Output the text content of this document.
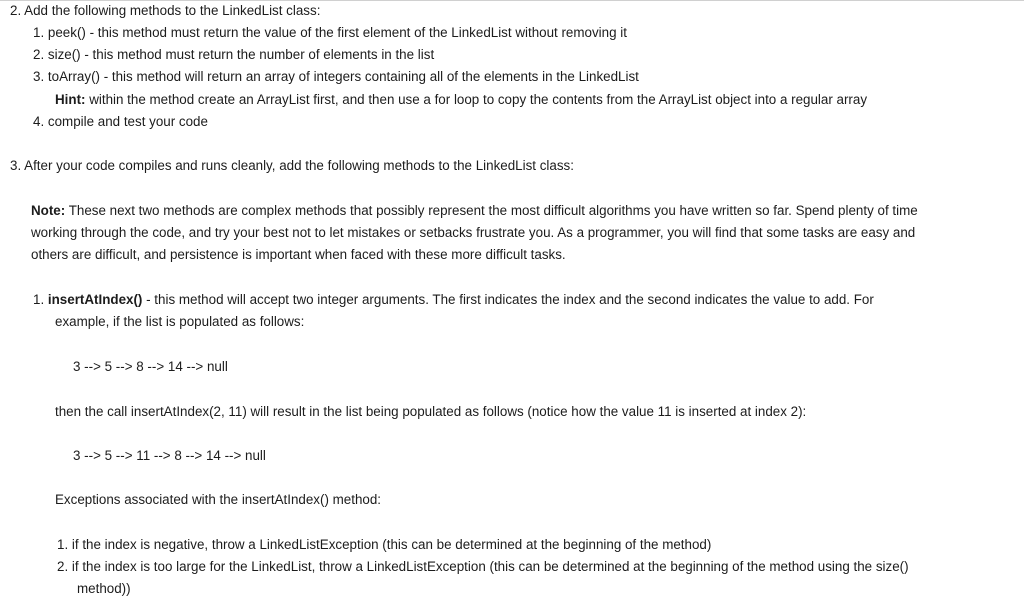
2. Add the following methods to the LinkedList class:
1. peek() - this method must return the value of the first element of the LinkedList without removing it
2. size() - this method must return the number of elements in the list
3. toArray() - this method will return an array of integers containing all of the elements in the LinkedList
Hint: within the method create an ArrayList first, and then use a for loop to copy the contents from the ArrayList object into a regular array
4. compile and test your code
3. After your code compiles and runs cleanly, add the following methods to the LinkedList class:
Note: These next two methods are complex methods that possibly represent the most difficult algorithms you have written so far. Spend plenty of time
working through the code, and try your best not to let mistakes or setbacks frustrate you. As a programmer, you will find that some tasks are easy and
others are difficult, and persistence is important when faced with these more difficult tasks.
1. insertAtIndex() - this method will accept two integer arguments. The first indicates the index and the second indicates the value to add. For
example, if the list is populated as follows:
3 --> 5 --> 8 --> 14 --> null
then the call insertAtIndex(2, 11) will result in the list being populated as follows (notice how the value 11 is inserted at index 2):
3 --> 5 --> 11 --> 8 --> 14 --> null
Exceptions associated with the insertAtIndex() method:
1. if the index is negative, throw a LinkedListException (this can be determined at the beginning of the method)
2. if the index is too large for the LinkedList, throw a LinkedListException (this can be determined at the beginning of the method using the size()
method))
